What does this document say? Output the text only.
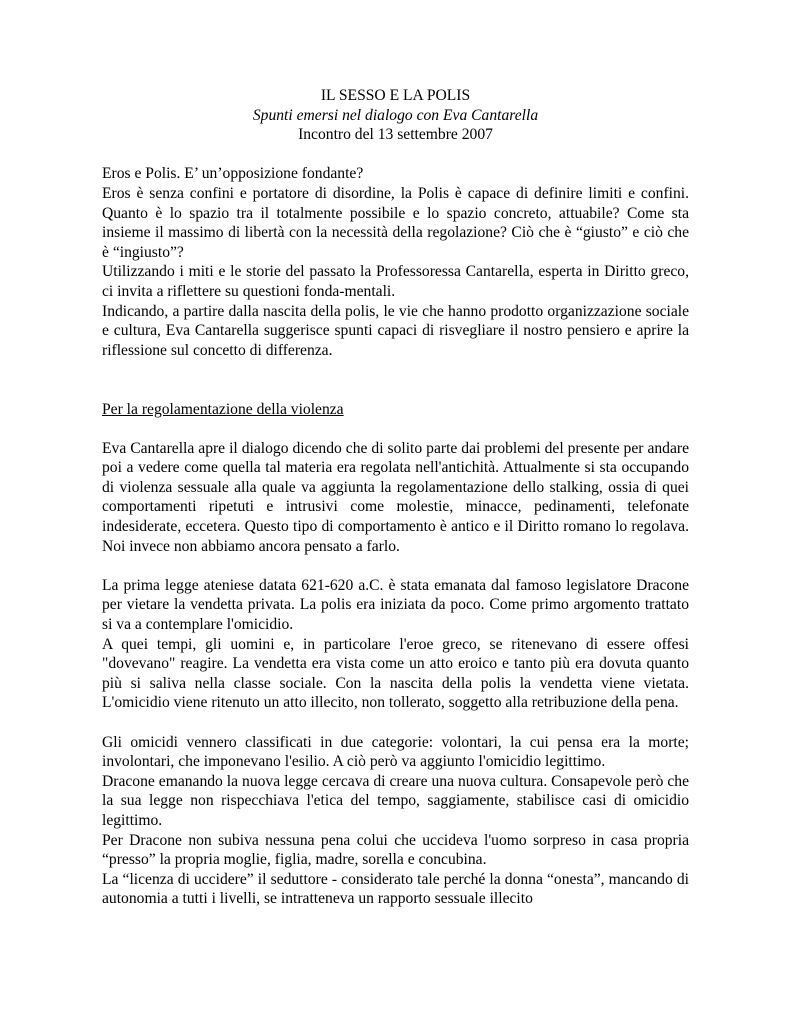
IL SESSO E LA POLIS
Spunti emersi nel dialogo con Eva Cantarella
Incontro del 13 settembre 2007

Eros e Polis. E’ un’opposizione fondante?

Eros è senza confini e portatore di disordine, la Polis è capace di definire limiti e confini. Quanto è lo spazio tra il totalmente possibile e lo spazio concreto, attuabile? Come sta insieme il massimo di libertà con la necessità della regolazione? Ciò che è “giusto” e ciò che è “ingiusto”?

Utilizzando i miti e le storie del passato la Professoressa Cantarella, esperta in Diritto greco, ci invita a riflettere su questioni fonda-mentali.

Indicando, a partire dalla nascita della polis, le vie che hanno prodotto organizzazione sociale e cultura, Eva Cantarella suggerisce spunti capaci di risvegliare il nostro pensiero e aprire la riflessione sul concetto di differenza.

Per la regolamentazione della violenza

Eva Cantarella apre il dialogo dicendo che di solito parte dai problemi del presente per andare poi a vedere come quella tal materia era regolata nell'antichità. Attualmente si sta occupando di violenza sessuale alla quale va aggiunta la regolamentazione dello stalking, ossia di quei comportamenti ripetuti e intrusivi come molestie, minacce, pedinamenti, telefonate indesiderate, eccetera. Questo tipo di comportamento è antico e il Diritto romano lo regolava. Noi invece non abbiamo ancora pensato a farlo.

La prima legge ateniese datata 621-620 a.C. è stata emanata dal famoso legislatore Dracone per vietare la vendetta privata. La polis era iniziata da poco. Come primo argomento trattato si va a contemplare l'omicidio.

A quei tempi, gli uomini e, in particolare l'eroe greco, se ritenevano di essere offesi "dovevano" reagire. La vendetta era vista come un atto eroico e tanto più era dovuta quanto più si saliva nella classe sociale. Con la nascita della polis la vendetta viene vietata. L'omicidio viene ritenuto un atto illecito, non tollerato, soggetto alla retribuzione della pena.

Gli omicidi vennero classificati in due categorie: volontari, la cui pensa era la morte; involontari, che imponevano l'esilio. A ciò però va aggiunto l'omicidio legittimo.

Dracone emanando la nuova legge cercava di creare una nuova cultura. Consapevole però che la sua legge non rispecchiava l'etica del tempo, saggiamente, stabilisce casi di omicidio legittimo.

Per Dracone non subiva nessuna pena colui che uccideva l'uomo sorpreso in casa propria “presso” la propria moglie, figlia, madre, sorella e concubina.

La “licenza di uccidere” il seduttore - considerato tale perché la donna “onesta”, mancando di autonomia a tutti i livelli, se intratteneva un rapporto sessuale illecito
